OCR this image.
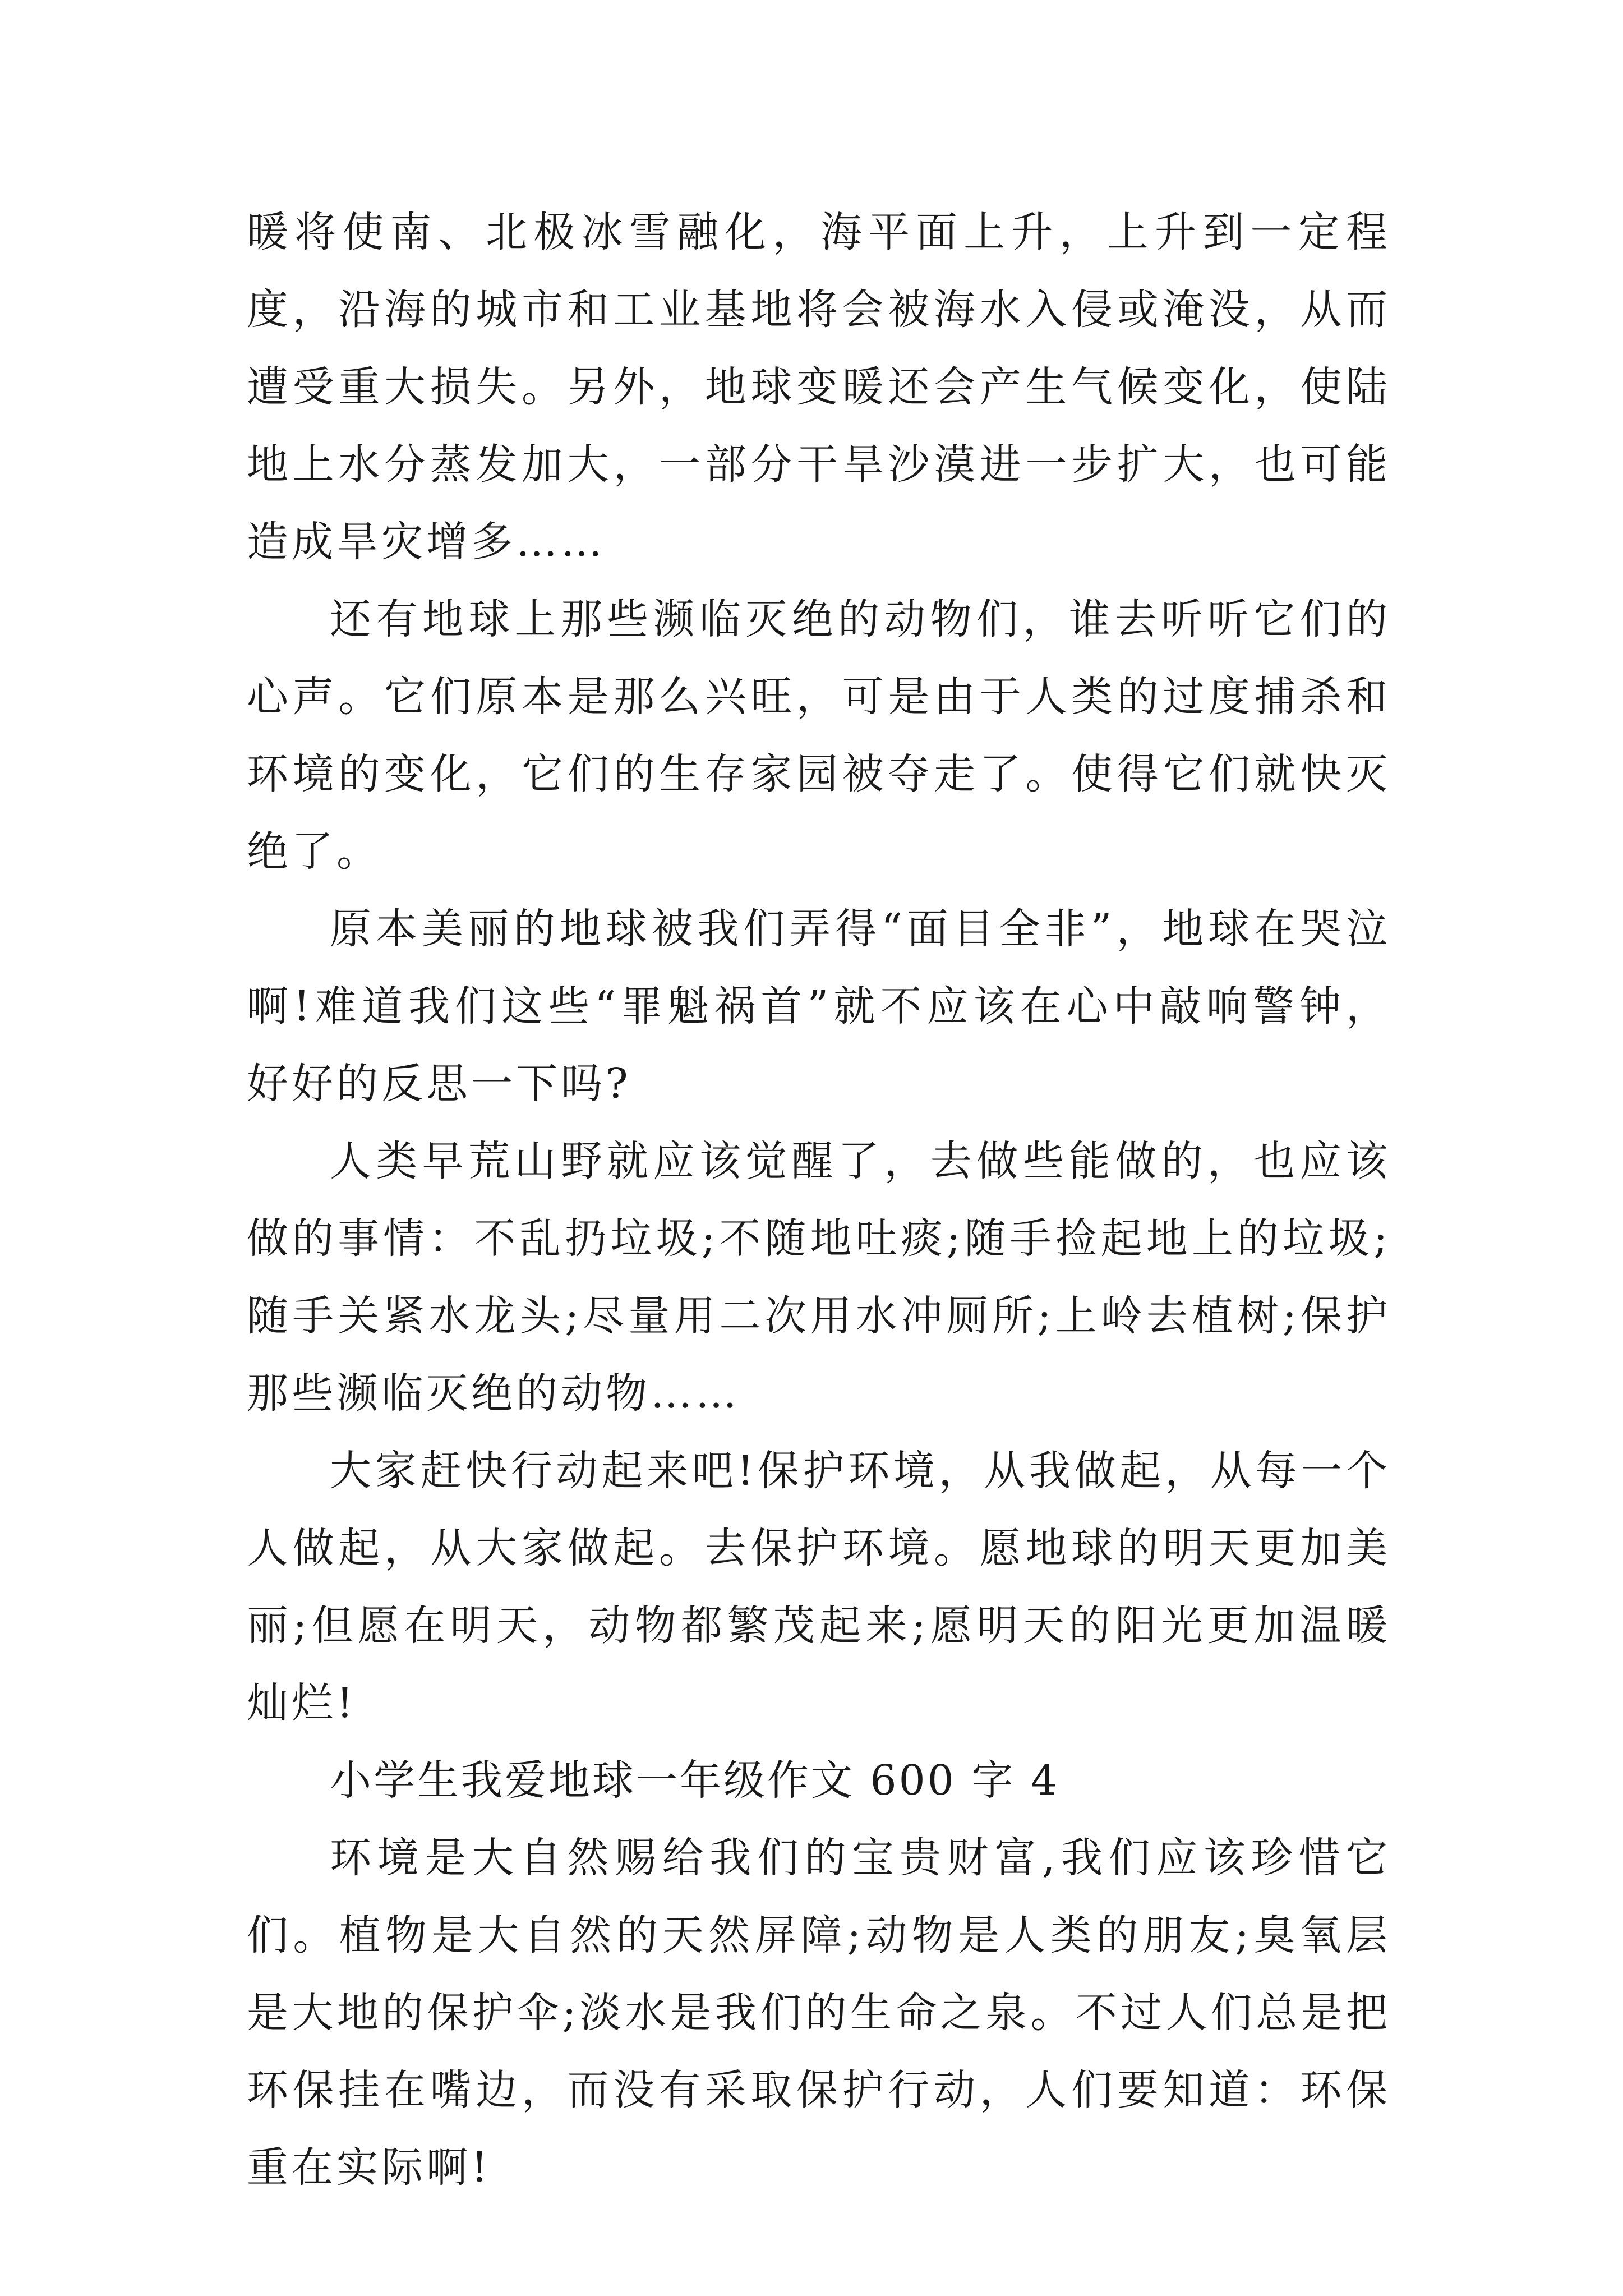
暖将使南、北极冰雪融化，海平面上升，上升到一定程度，沿海的城市和工业基地将会被海水入侵或淹没，从而遭受重大损失。另外，地球变暖还会产生气候变化，使陆地上水分蒸发加大，一部分干旱沙漠进一步扩大，也可能造成旱灾增多……

还有地球上那些濒临灭绝的动物们，谁去听听它们的心声。它们原本是那么兴旺，可是由于人类的过度捕杀和环境的变化，它们的生存家园被夺走了。使得它们就快灭绝了。

原本美丽的地球被我们弄得“面目全非”，地球在哭泣啊!难道我们这些“罪魁祸首”就不应该在心中敲响警钟，好好的反思一下吗?

人类早荒山野就应该觉醒了，去做些能做的，也应该做的事情：不乱扔垃圾;不随地吐痰;随手捡起地上的垃圾;随手关紧水龙头;尽量用二次用水冲厕所;上岭去植树;保护那些濒临灭绝的动物……

大家赶快行动起来吧!保护环境，从我做起，从每一个人做起，从大家做起。去保护环境。愿地球的明天更加美丽;但愿在明天，动物都繁茂起来;愿明天的阳光更加温暖灿烂!

小学生我爱地球一年级作文 600 字 4

环境是大自然赐给我们的宝贵财富,我们应该珍惜它们。植物是大自然的天然屏障;动物是人类的朋友;臭氧层是大地的保护伞;淡水是我们的生命之泉。不过人们总是把环保挂在嘴边，而没有采取保护行动，人们要知道：环保重在实际啊!
